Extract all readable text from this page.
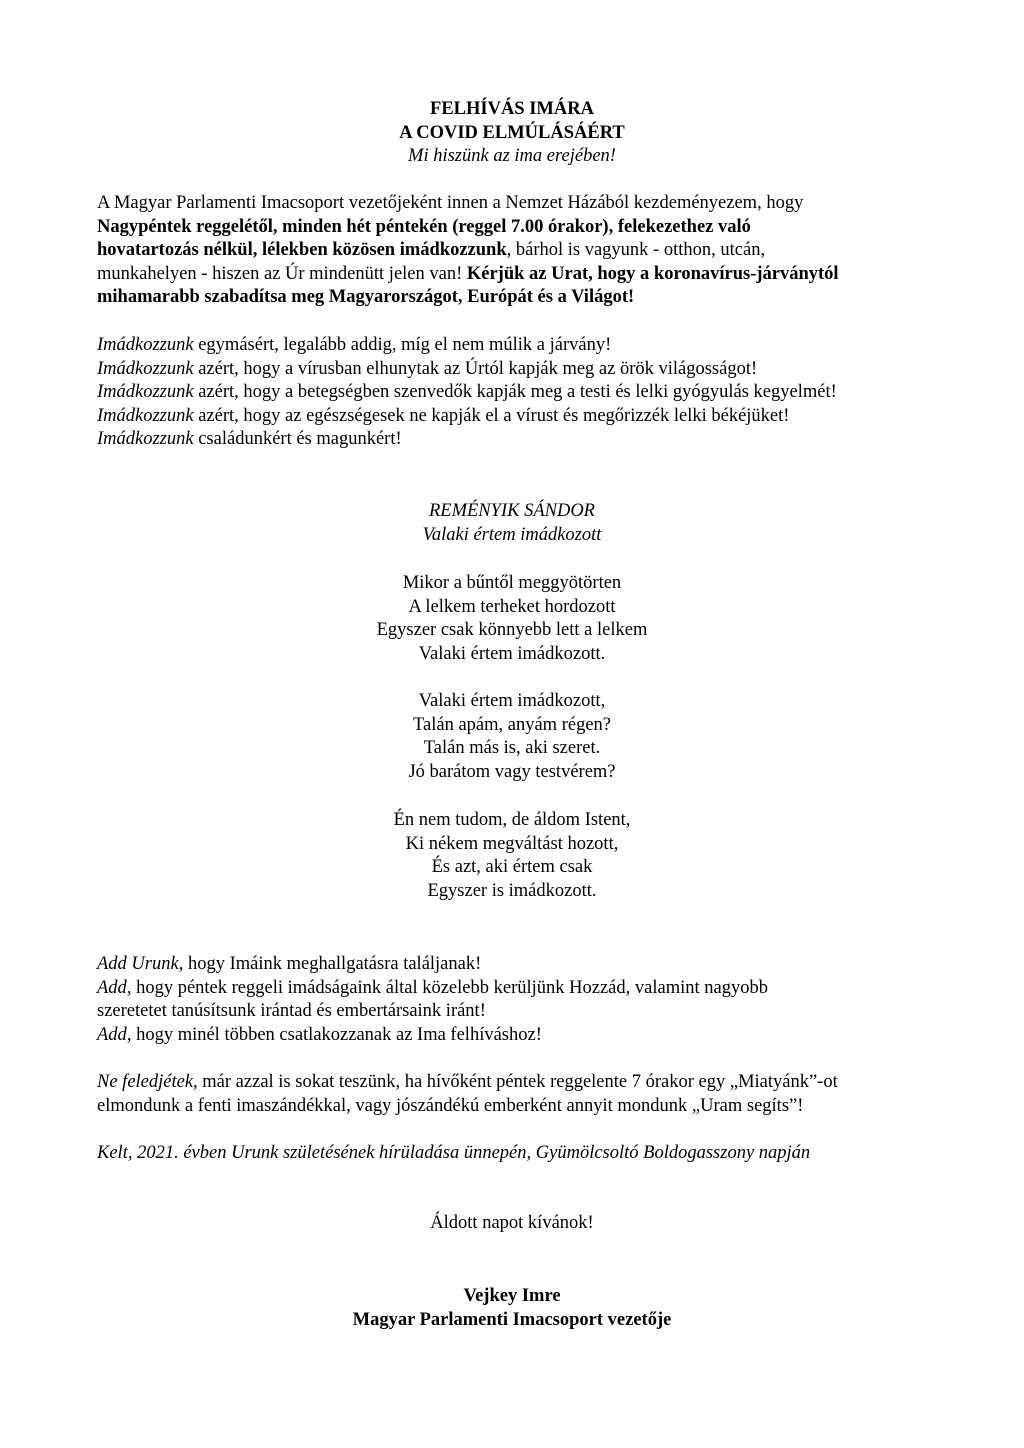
FELHÍVÁS IMÁRA
A COVID ELMÚLÁSÁÉRT
Mi hiszünk az ima erejében!
A Magyar Parlamenti Imacsoport vezetőjeként innen a Nemzet Házából kezdeményezem, hogy
Nagypéntek reggelétől, minden hét péntekén (reggel 7.00 órakor), felekezethez való
hovatartozás nélkül, lélekben közösen imádkozzunk, bárhol is vagyunk - otthon, utcán,
munkahelyen - hiszen az Úr mindenütt jelen van! Kérjük az Urat, hogy a koronavírus-járványtól
mihamarabb szabadítsa meg Magyarországot, Európát és a Világot!
Imádkozzunk egymásért, legalább addig, míg el nem múlik a járvány!
Imádkozzunk azért, hogy a vírusban elhunytak az Úrtól kapják meg az örök világosságot!
Imádkozzunk azért, hogy a betegségben szenvedők kapják meg a testi és lelki gyógyulás kegyelmét!
Imádkozzunk azért, hogy az egészségesek ne kapják el a vírust és megőrizzék lelki békéjüket!
Imádkozzunk családunkért és magunkért!
REMÉNYIK SÁNDOR
Valaki értem imádkozott
Mikor a bűntől meggyötörten
A lelkem terheket hordozott
Egyszer csak könnyebb lett a lelkem
Valaki értem imádkozott.
Valaki értem imádkozott,
Talán apám, anyám régen?
Talán más is, aki szeret.
Jó barátom vagy testvérem?
Én nem tudom, de áldom Istent,
Ki nékem megváltást hozott,
És azt, aki értem csak
Egyszer is imádkozott.
Add Urunk, hogy Imáink meghallgatásra találjanak!
Add, hogy péntek reggeli imádságaink által közelebb kerüljünk Hozzád, valamint nagyobb
szeretetet tanúsítsunk irántad és embertársaink iránt!
Add, hogy minél többen csatlakozzanak az Ima felhíváshoz!
Ne feledjétek, már azzal is sokat teszünk, ha hívőként péntek reggelente 7 órakor egy „Miatyánk”-ot
elmondunk a fenti imaszándékkal, vagy jószándékú emberként annyit mondunk „Uram segíts”!
Kelt, 2021. évben Urunk születésének hírüladása ünnepén, Gyümölcsoltó Boldogasszony napján
Áldott napot kívánok!
Vejkey Imre
Magyar Parlamenti Imacsoport vezetője
